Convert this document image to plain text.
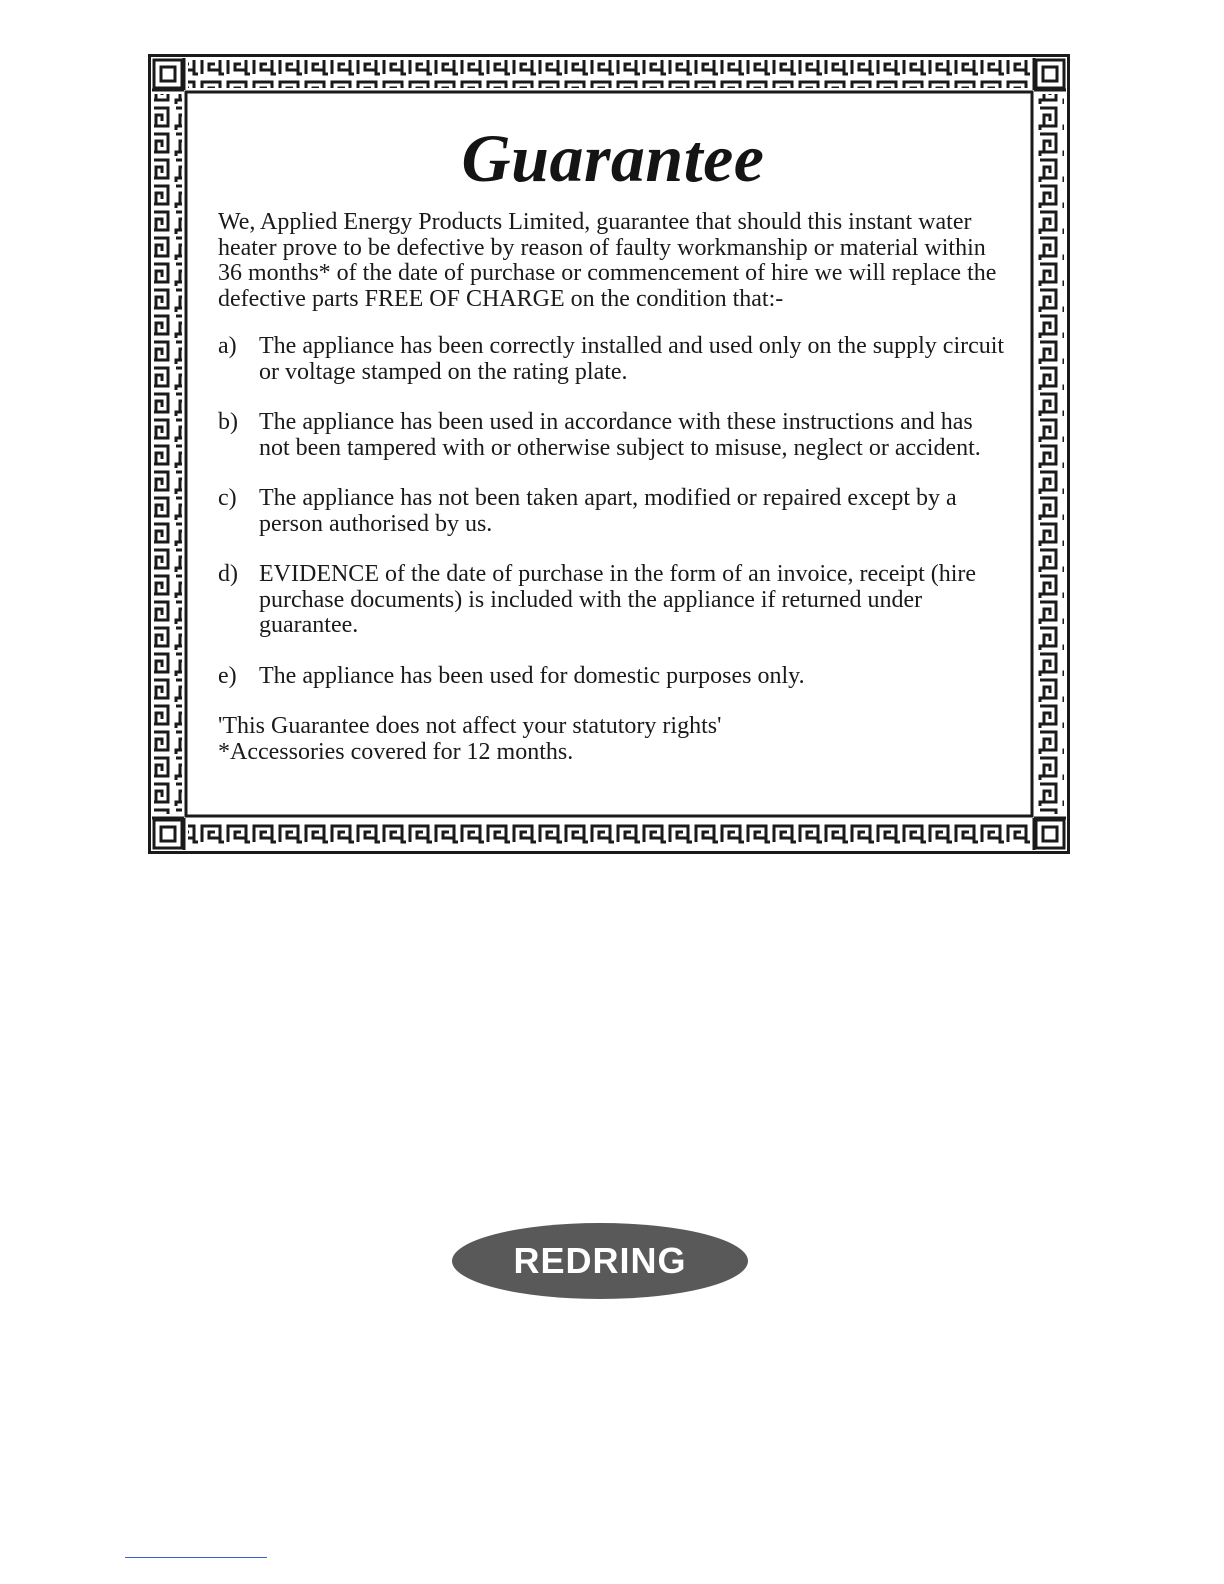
Guarantee

We, Applied Energy Products Limited, guarantee that should this instant water heater prove to be defective by reason of faulty workmanship or material within 36 months* of the date of purchase or commencement of hire we will replace the defective parts FREE OF CHARGE on the condition that:-

a) The appliance has been correctly installed and used only on the supply circuit or voltage stamped on the rating plate.
b) The appliance has been used in accordance with these instructions and has not been tampered with or otherwise subject to misuse, neglect or accident.
c) The appliance has not been taken apart, modified or repaired except by a person authorised by us.
d) EVIDENCE of the date of purchase in the form of an invoice, receipt (hire purchase documents) is included with the appliance if returned under guarantee.
e) The appliance has been used for domestic purposes only.
'This Guarantee does not affect your statutory rights'
*Accessories covered for 12 months.
REDRING
